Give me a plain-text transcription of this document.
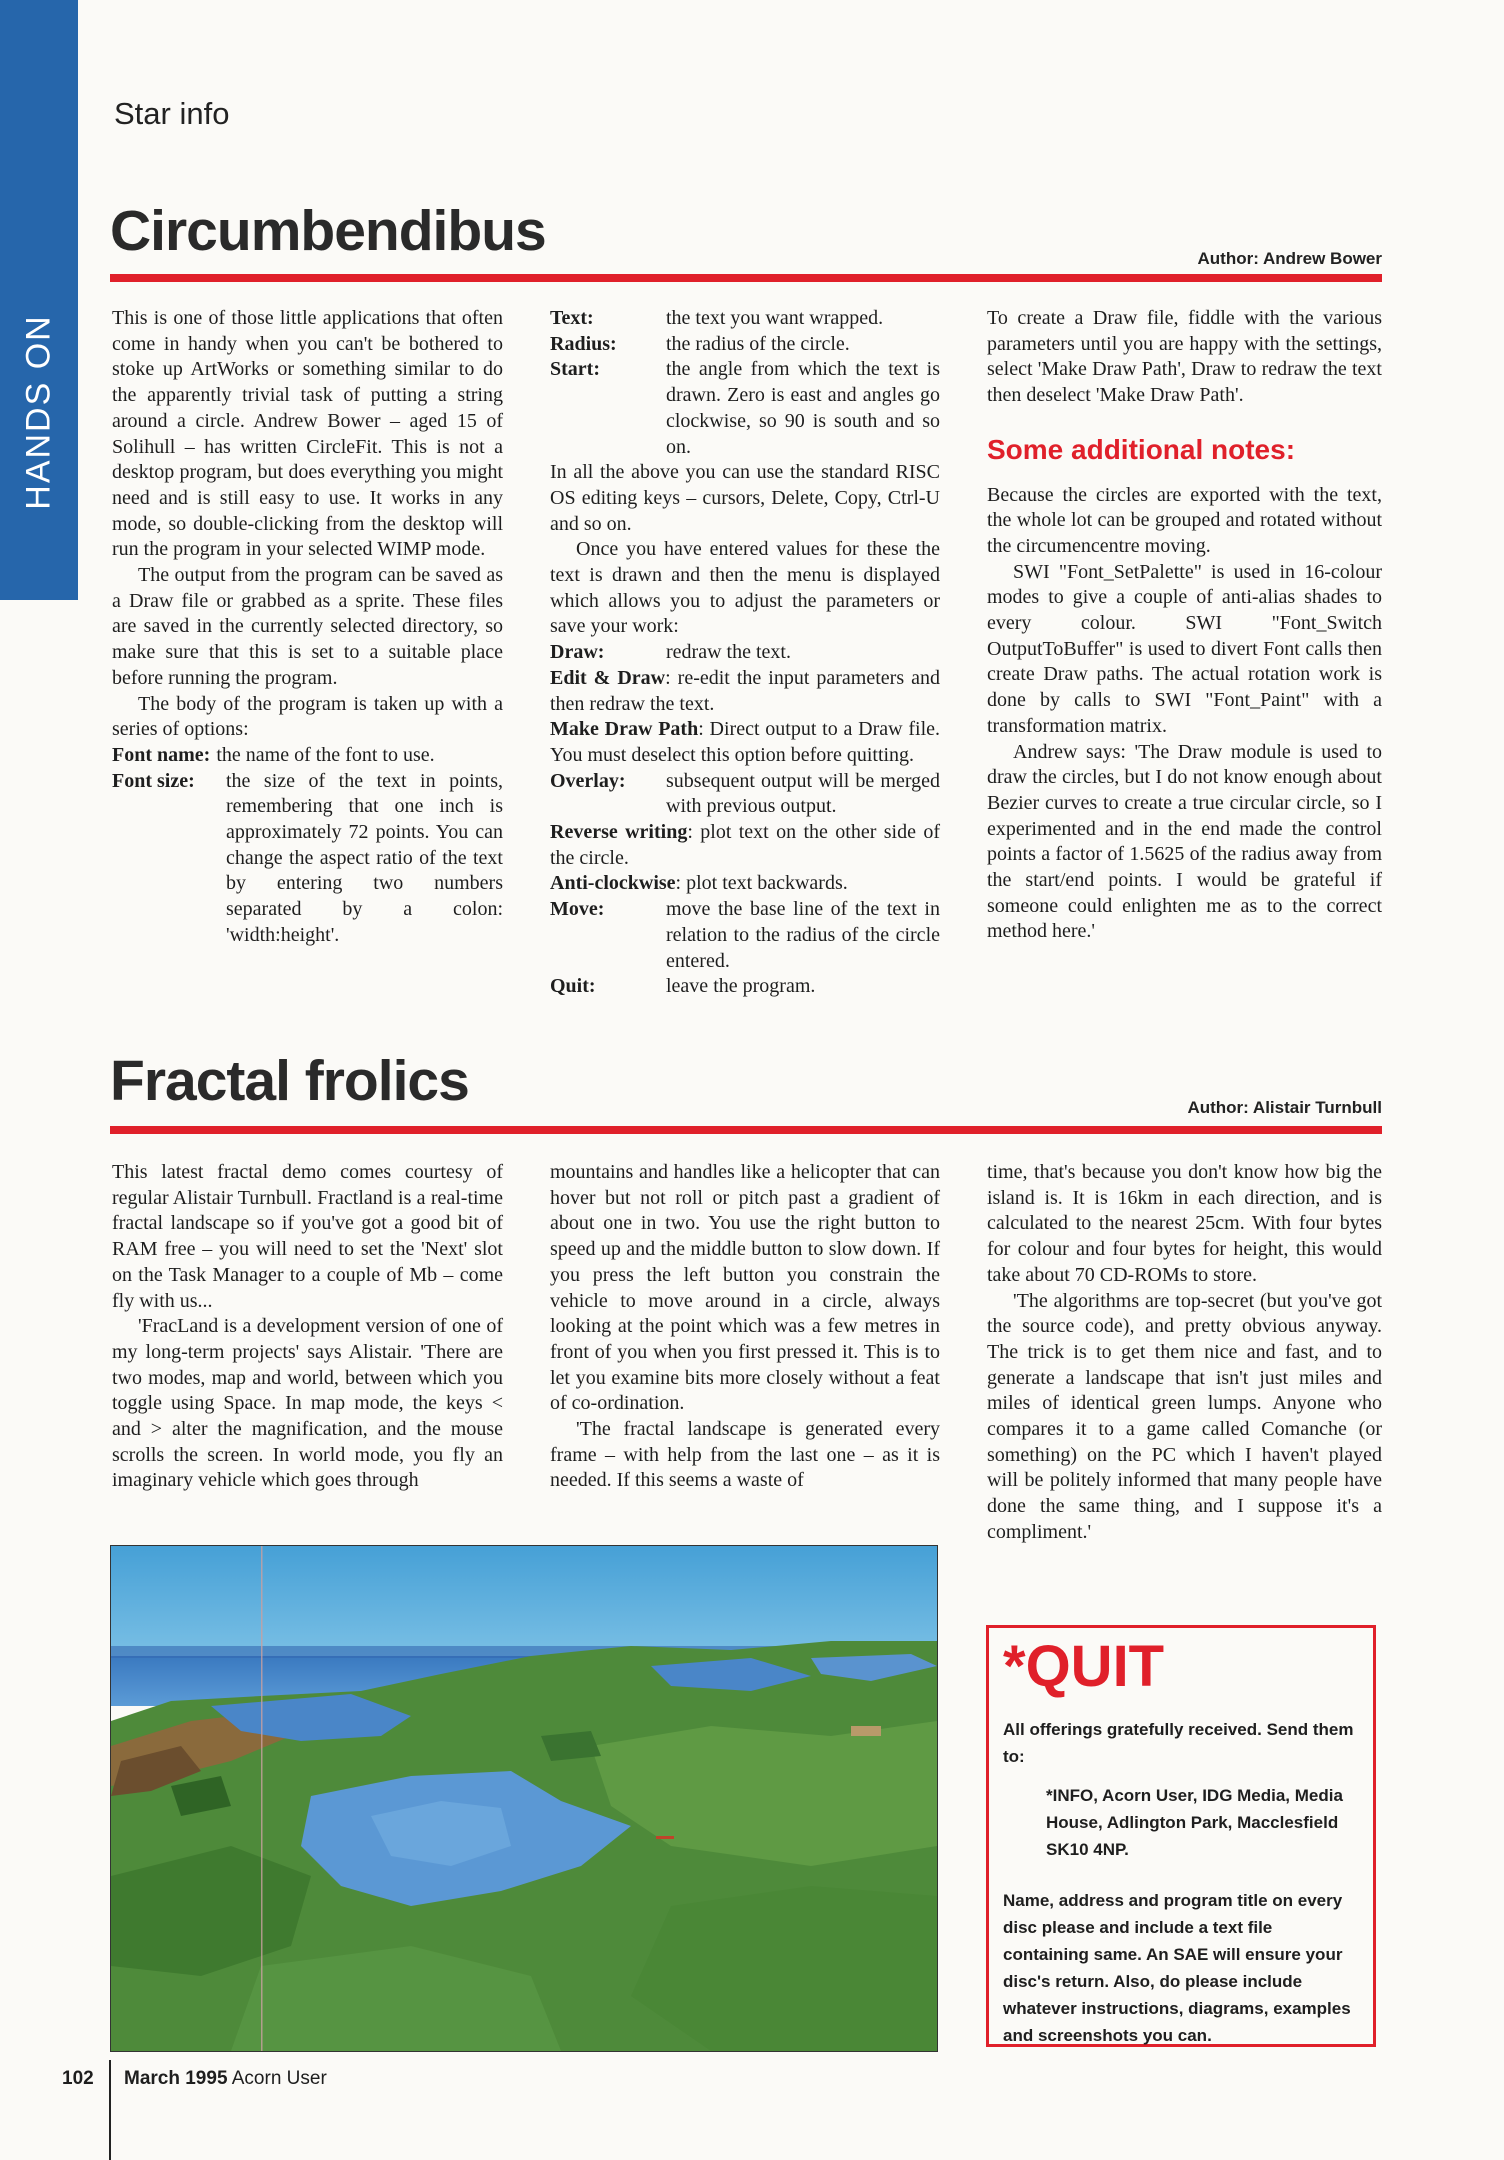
HANDS ON
Star info
Circumbendibus	Author: Andrew Bower

This is one of those little applications that often come in handy when you can't be bothered to stoke up ArtWorks or something similar to do the apparently trivial task of putting a string around a circle. Andrew Bower – aged 15 of Solihull – has written CircleFit. This is not a desktop program, but does everything you might need and is still easy to use. It works in any mode, so double-clicking from the desktop will run the program in your selected WIMP mode.

The output from the program can be saved as a Draw file or grabbed as a sprite. These files are saved in the currently selected directory, so make sure that this is set to a suitable place before running the program.

The body of the program is taken up with a series of options:

Font name: the name of the font to use.
Font size:	the size of the text in points, remembering that one inch is approximately 72 points. You can change the aspect ratio of the text by entering two numbers separated by a colon: 'width:height'.
Text:	the text you want wrapped.
Radius:	the radius of the circle.
Start:	the angle from which the text is drawn. Zero is east and angles go clockwise, so 90 is south and so on.

In all the above you can use the standard RISC OS editing keys – cursors, Delete, Copy, Ctrl-U and so on.

Once you have entered values for these the text is drawn and then the menu is displayed which allows you to adjust the parameters or save your work:

Draw:	redraw the text.
Edit & Draw: re-edit the input parameters and then redraw the text.
Make Draw Path: Direct output to a Draw file. You must deselect this option before quitting.
Overlay:	subsequent output will be merged with previous output.
Reverse writing: plot text on the other side of the circle.
Anti-clockwise: plot text backwards.
Move:	move the base line of the text in relation to the radius of the circle entered.
Quit:	leave the program.

To create a Draw file, fiddle with the various parameters until you are happy with the settings, select 'Make Draw Path', Draw to redraw the text then deselect 'Make Draw Path'.

Some additional notes:

Because the circles are exported with the text, the whole lot can be grouped and rotated without the circumencentre moving.

SWI "Font_SetPalette" is used in 16-colour modes to give a couple of anti-alias shades to every colour. SWI "Font_Switch OutputToBuffer" is used to divert Font calls then create Draw paths. The actual rotation work is done by calls to SWI "Font_Paint" with a transformation matrix.

Andrew says: 'The Draw module is used to draw the circles, but I do not know enough about Bezier curves to create a true circular circle, so I experimented and in the end made the control points a factor of 1.5625 of the radius away from the start/end points. I would be grateful if someone could enlighten me as to the correct method here.'

Fractal frolics	Author: Alistair Turnbull

This latest fractal demo comes courtesy of regular Alistair Turnbull. Fractland is a real-time fractal landscape so if you've got a good bit of RAM free – you will need to set the 'Next' slot on the Task Manager to a couple of Mb – come fly with us...

'FracLand is a development version of one of my long-term projects' says Alistair. 'There are two modes, map and world, between which you toggle using Space. In map mode, the keys < and > alter the magnification, and the mouse scrolls the screen. In world mode, you fly an imaginary vehicle which goes through

mountains and handles like a helicopter that can hover but not roll or pitch past a gradient of about one in two. You use the right button to speed up and the middle button to slow down. If you press the left button you constrain the vehicle to move around in a circle, always looking at the point which was a few metres in front of you when you first pressed it. This is to let you examine bits more closely without a feat of co-ordination.

'The fractal landscape is generated every frame – with help from the last one – as it is needed. If this seems a waste of

time, that's because you don't know how big the island is. It is 16km in each direction, and is calculated to the nearest 25cm. With four bytes for colour and four bytes for height, this would take about 70 CD-ROMs to store.

'The algorithms are top-secret (but you've got the source code), and pretty obvious anyway. The trick is to get them nice and fast, and to generate a landscape that isn't just miles and miles of identical green lumps. Anyone who compares it to a game called Comanche (or something) on the PC which I haven't played will be politely informed that many people have done the same thing, and I suppose it's a compliment.'

*QUIT

All offerings gratefully received. Send them to:

*INFO, Acorn User, IDG Media, Media House, Adlington Park, Macclesfield SK10 4NP.

Name, address and program title on every disc please and include a text file containing same. An SAE will ensure your disc's return. Also, do please include whatever instructions, diagrams, examples and screenshots you can.

102 March 1995 Acorn User
